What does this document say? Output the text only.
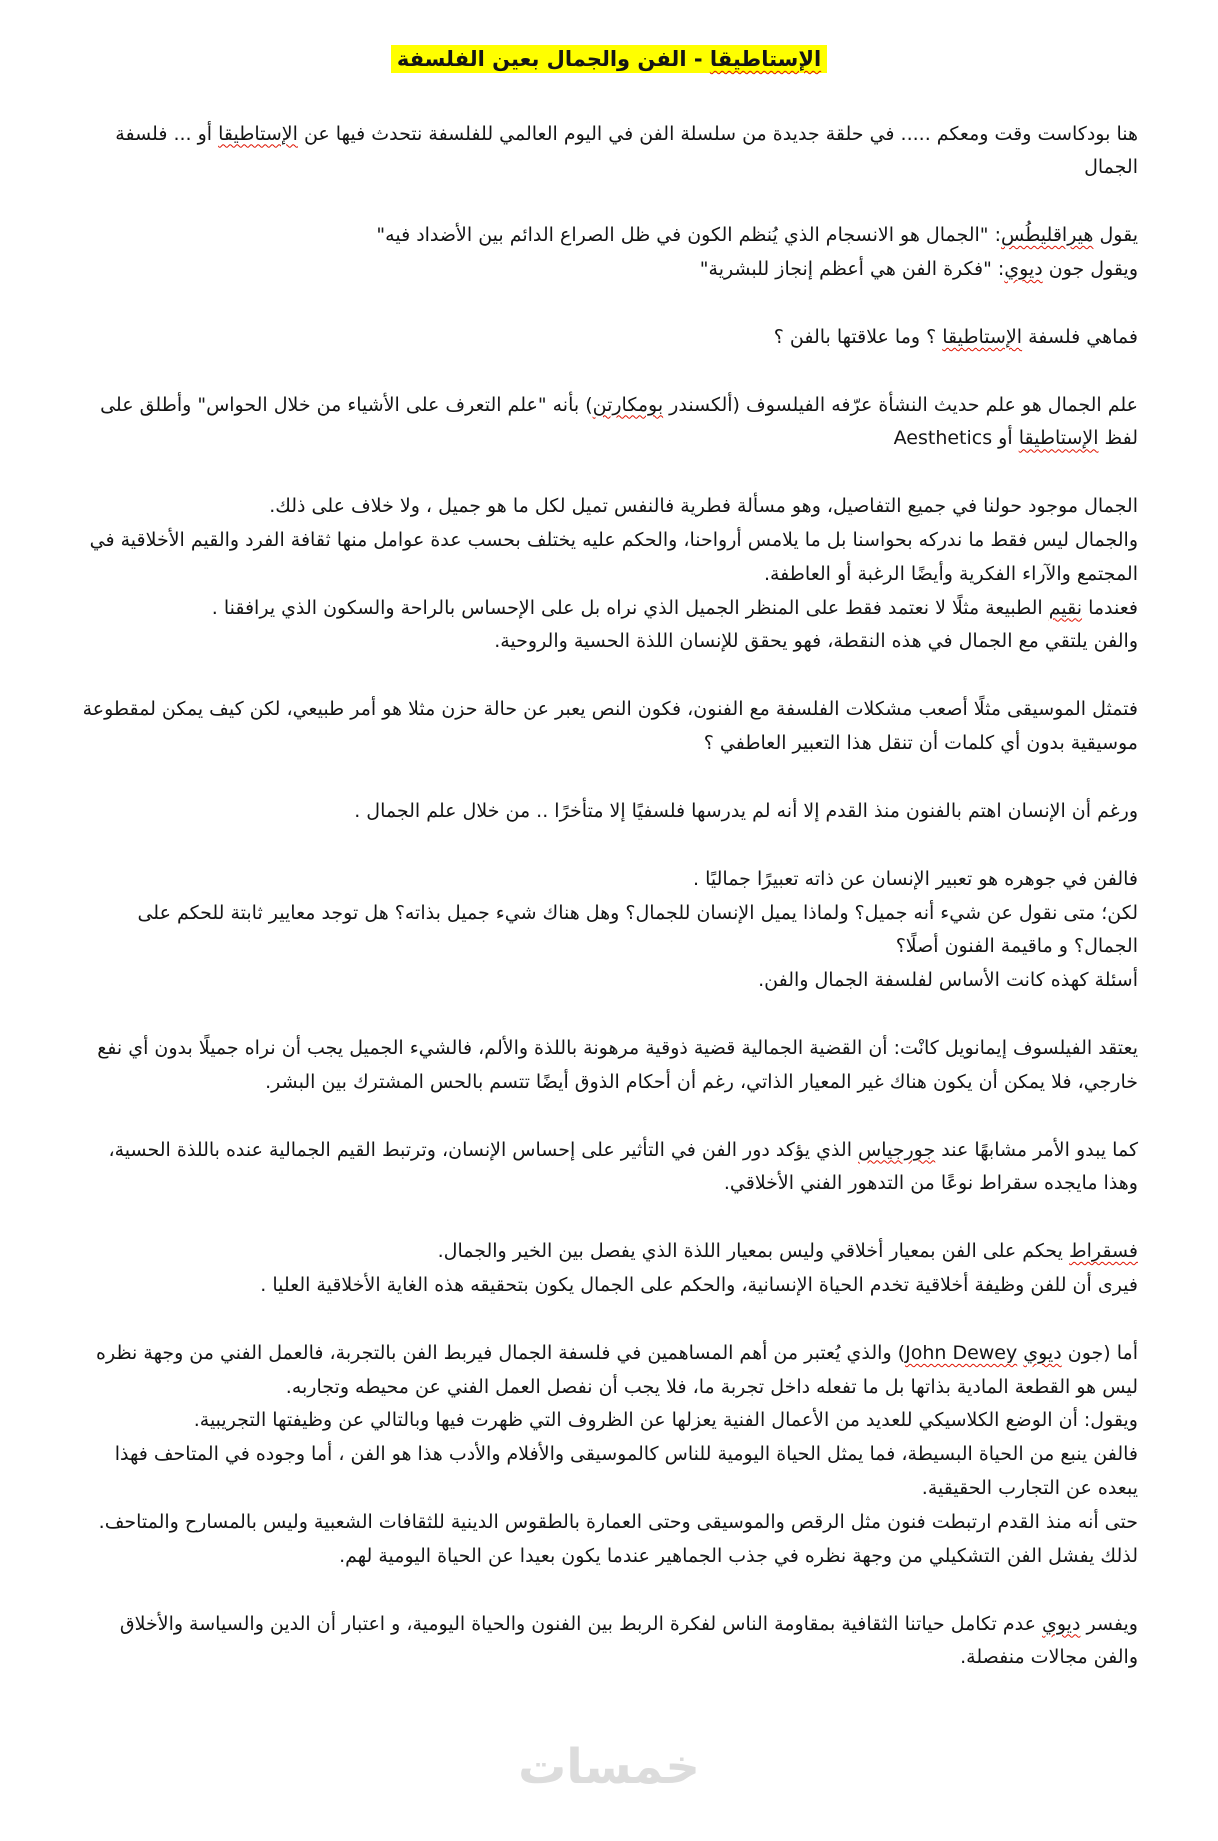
الإستاطيقا - الفن والجمال بعين الفلسفة
هنا بودكاست وقت ومعكم ..... في حلقة جديدة من سلسلة الفن في اليوم العالمي للفلسفة نتحدث فيها عن الإستاطيقا أو ... فلسفة الجمال
يقول هيراقليطُس: "الجمال هو الانسجام الذي يُنظم الكون في ظل الصراع الدائم بين الأضداد فيه"
ويقول جون ديوي: "فكرة الفن هي أعظم إنجاز للبشرية"
فماهي فلسفة الإستاطيقا ؟ وما علاقتها بالفن ؟
علم الجمال هو علم حديث النشأة عرّفه الفيلسوف (ألكسندر بومكارتن) بأنه "علم التعرف على الأشياء من خلال الحواس" وأطلق على لفظ الإستاطيقا أو Aesthetics
الجمال موجود حولنا في جميع التفاصيل، وهو مسألة فطرية فالنفس تميل لكل ما هو جميل ، ولا خلاف على ذلك.
والجمال ليس فقط ما ندركه بحواسنا بل ما يلامس أرواحنا، والحكم عليه يختلف بحسب عدة عوامل منها ثقافة الفرد والقيم الأخلاقية في المجتمع والآراء الفكرية وأيضًا الرغبة أو العاطفة.
فعندما نقيم الطبيعة مثلًا لا نعتمد فقط على المنظر الجميل الذي نراه بل على الإحساس بالراحة والسكون الذي يرافقنا .
والفن يلتقي مع الجمال في هذه النقطة، فهو يحقق للإنسان اللذة الحسية والروحية.
فتمثل الموسيقى مثلًا أصعب مشكلات الفلسفة مع الفنون، فكون النص يعبر عن حالة حزن مثلا هو أمر طبيعي، لكن كيف يمكن لمقطوعة موسيقية بدون أي كلمات أن تنقل هذا التعبير العاطفي ؟
ورغم أن الإنسان اهتم بالفنون منذ القدم إلا أنه لم يدرسها فلسفيًا إلا متأخرًا .. من خلال علم الجمال .
فالفن في جوهره هو تعبير الإنسان عن ذاته تعبيرًا جماليًا .
لكن؛ متى نقول عن شيء أنه جميل؟ ولماذا يميل الإنسان للجمال؟ وهل هناك شيء جميل بذاته؟ هل توجد معايير ثابتة للحكم على الجمال؟ و ماقيمة الفنون أصلًا؟
أسئلة كهذه كانت الأساس لفلسفة الجمال والفن.
يعتقد الفيلسوف إيمانويل كانْت: أن القضية الجمالية قضية ذوقية مرهونة باللذة والألم، فالشيء الجميل يجب أن نراه جميلًا بدون أي نفع خارجي، فلا يمكن أن يكون هناك غير المعيار الذاتي، رغم أن أحكام الذوق أيضًا تتسم بالحس المشترك بين البشر.
كما يبدو الأمر مشابهًا عند جورجياس الذي يؤكد دور الفن في التأثير على إحساس الإنسان، وترتبط القيم الجمالية عنده باللذة الحسية، وهذا مايجده سقراط نوعًا من التدهور الفني الأخلاقي.
فسقراط يحكم على الفن بمعيار أخلاقي وليس بمعيار اللذة الذي يفصل بين الخير والجمال.
فيرى أن للفن وظيفة أخلاقية تخدم الحياة الإنسانية، والحكم على الجمال يكون بتحقيقه هذه الغاية الأخلاقية العليا .
أما (جون ديوي John Dewey) والذي يُعتبر من أهم المساهمين في فلسفة الجمال فيربط الفن بالتجربة، فالعمل الفني من وجهة نظره ليس هو القطعة المادية بذاتها بل ما تفعله داخل تجربة ما، فلا يجب أن نفصل العمل الفني عن محيطه وتجاربه.
ويقول: أن الوضع الكلاسيكي للعديد من الأعمال الفنية يعزلها عن الظروف التي ظهرت فيها وبالتالي عن وظيفتها التجريبية.
فالفن ينبع من الحياة البسيطة، فما يمثل الحياة اليومية للناس كالموسيقى والأفلام والأدب هذا هو الفن ، أما وجوده في المتاحف فهذا يبعده عن التجارب الحقيقية.
حتى أنه منذ القدم ارتبطت فنون مثل الرقص والموسيقى وحتى العمارة بالطقوس الدينية للثقافات الشعبية وليس بالمسارح والمتاحف.
لذلك يفشل الفن التشكيلي من وجهة نظره في جذب الجماهير عندما يكون بعيدا عن الحياة اليومية لهم.
ويفسر ديوي عدم تكامل حياتنا الثقافية بمقاومة الناس لفكرة الربط بين الفنون والحياة اليومية، و اعتبار أن الدين والسياسة والأخلاق والفن مجالات منفصلة.
خمسات
